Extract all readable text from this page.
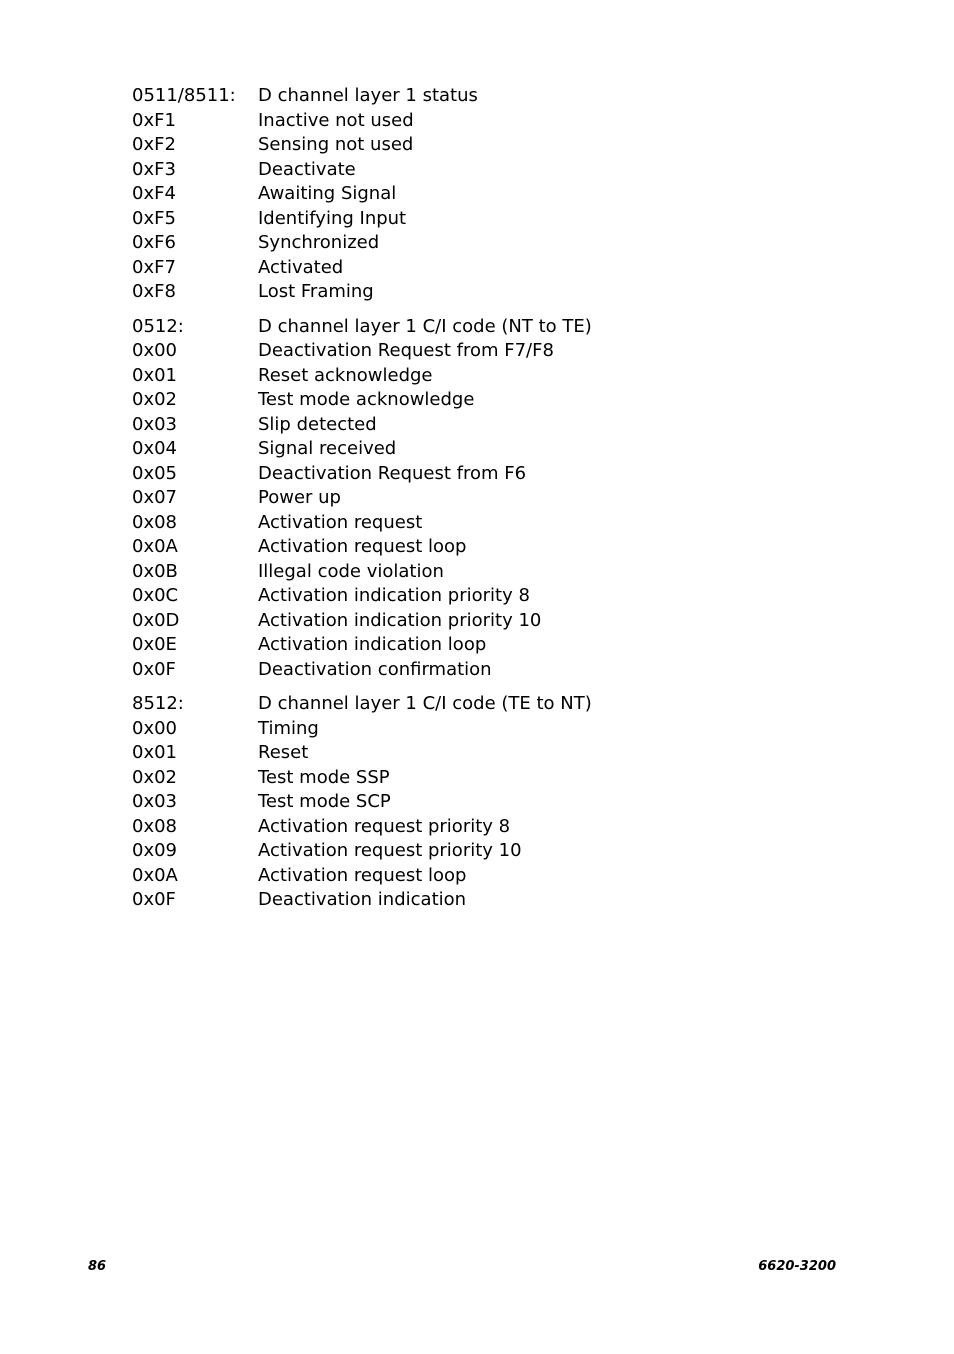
0511/8511:	D channel layer 1 status
0xF1	Inactive not used
0xF2	Sensing not used
0xF3	Deactivate
0xF4	Awaiting Signal
0xF5	Identifying Input
0xF6	Synchronized
0xF7	Activated
0xF8	Lost Framing
0512:	D channel layer 1 C/I code (NT to TE)
0x00	Deactivation Request from F7/F8
0x01	Reset acknowledge
0x02	Test mode acknowledge
0x03	Slip detected
0x04	Signal received
0x05	Deactivation Request from F6
0x07	Power up
0x08	Activation request
0x0A	Activation request loop
0x0B	Illegal code violation
0x0C	Activation indication priority 8
0x0D	Activation indication priority 10
0x0E	Activation indication loop
0x0F	Deactivation confirmation
8512:	D channel layer 1 C/I code (TE to NT)
0x00	Timing
0x01	Reset
0x02	Test mode SSP
0x03	Test mode SCP
0x08	Activation request priority 8
0x09	Activation request priority 10
0x0A	Activation request loop
0x0F	Deactivation indication
86	6620-3200
